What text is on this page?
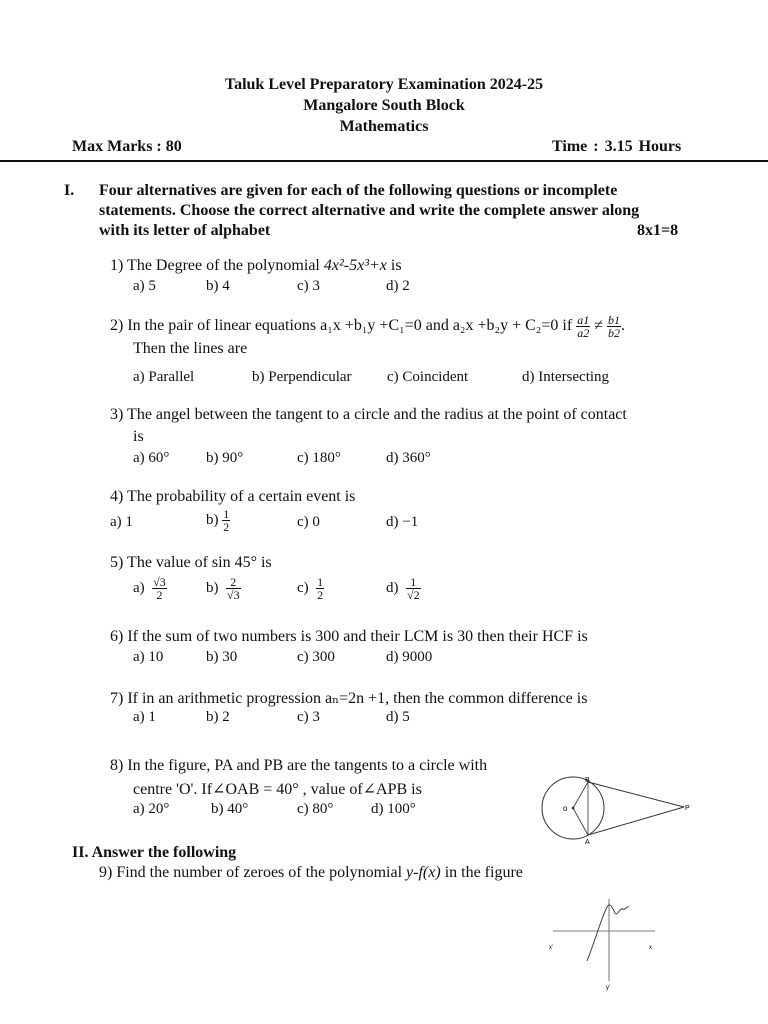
Taluk Level Preparatory Examination 2024-25
Mangalore South Block
Mathematics
Max Marks : 80	Time : 3.15 Hours
I. Four alternatives are given for each of the following questions or incomplete
statements. Choose the correct alternative and write the complete answer along
with its letter of alphabet	8x1=8
1) The Degree of the polynomial 4x²-5x³+x is
a) 5	b) 4	c) 3	d) 2
2) In the pair of linear equations a₁x +b₁y +C₁=0 and a₂x +b₂y + C₂=0 if $\frac{a1}{a2} \ne \frac{b1}{b2}$ .
Then the lines are
a) Parallel	b) Perpendicular c) Coincident	d) Intersecting
3) The angel between the tangent to a circle and the radius at the point of contact
is
a) 60° b) 90°	c) 180°	d) 360°
4) The probability of a certain event is
a) 1	$b) \frac{1}{2}$	c) 0	d) −1
5) The value of sin 45° is
$a) \frac{√3}{2}$	$b) \frac{2}{√3}$	$c) \frac{1}{2}$	$d) \frac{1}{√2}$
6) If the sum of two numbers is 300 and their LCM is 30 then their HCF is
a) 10	b) 30	c) 300	d) 9000
7) If in an arithmetic progression aₙ=2n +1, then the common difference is
a) 1	b) 2	c) 3	d) 5
8) In the figure, PA and PB are the tangents to a circle with
centre 'O'. If∠OAB = 40° , value of∠APB is
a) 20°	b) 40°	c) 80°	d) 100°	o
B
A
P
II. Answer the following
9) Find the number of zeroes of the polynomial y-f(x) in the figure
x'	x
y'
